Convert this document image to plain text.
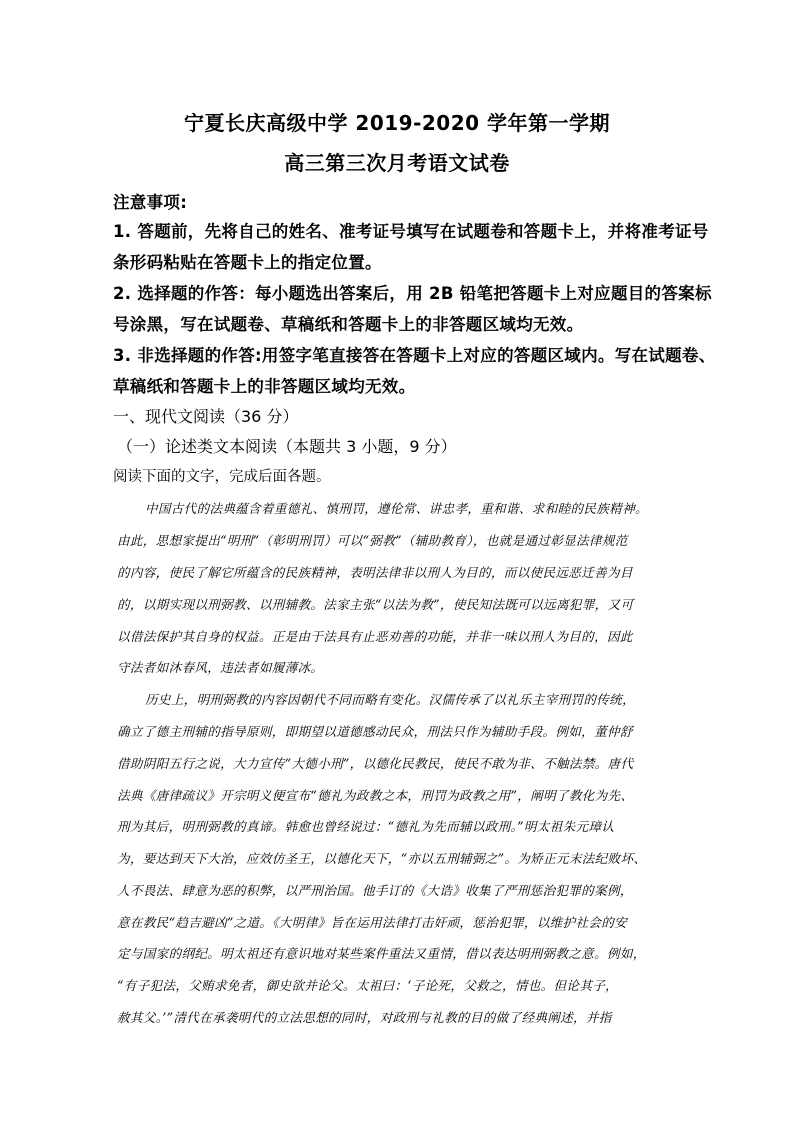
宁夏长庆高级中学 2019-2020 学年第一学期
高三第三次月考语文试卷
注意事项:
1. 答题前，先将自己的姓名、准考证号填写在试题卷和答题卡上，并将准考证号
条形码粘贴在答题卡上的指定位置。
2. 选择题的作答：每小题选出答案后，用 2B 铅笔把答题卡上对应题目的答案标
号涂黑，写在试题卷、草稿纸和答题卡上的非答题区域均无效。
3. 非选择题的作答:用签字笔直接答在答题卡上对应的答题区域内。写在试题卷、
草稿纸和答题卡上的非答题区域均无效。
一、现代文阅读（36 分）
（一）论述类文本阅读（本题共 3 小题，9 分）
阅读下面的文字，完成后面各题。
中国古代的法典蕴含着重德礼、慎刑罚，遵伦常、讲忠孝，重和谐、求和睦的民族精神。
由此，思想家提出“明刑”（彰明刑罚）可以“弼教”（辅助教育），也就是通过彰显法律规范
的内容，使民了解它所蕴含的民族精神，表明法律非以刑人为目的，而以使民远恶迁善为目
的，以期实现以刑弼教、以刑辅教。法家主张“以法为教”，使民知法既可以远离犯罪，又可
以借法保护其自身的权益。正是由于法具有止恶劝善的功能，并非一味以刑人为目的，因此
守法者如沐春风，违法者如履薄冰。
历史上，明刑弼教的内容因朝代不同而略有变化。汉儒传承了以礼乐主宰刑罚的传统，
确立了德主刑辅的指导原则，即期望以道德感动民众，刑法只作为辅助手段。例如，董仲舒
借助阴阳五行之说，大力宣传“大德小刑”，以德化民教民，使民不敢为非、不触法禁。唐代
法典《唐律疏议》开宗明义便宣布“德礼为政教之本，刑罚为政教之用”，阐明了教化为先、
刑为其后，明刑弼教的真谛。韩愈也曾经说过：“德礼为先而辅以政刑。”明太祖朱元璋认
为，要达到天下大治，应效仿圣王，以德化天下，“亦以五刑辅弼之”。为矫正元末法纪败坏、
人不畏法、肆意为恶的积弊，以严刑治国。他手订的《大诰》收集了严刑惩治犯罪的案例，
意在教民“趋吉避凶”之道。《大明律》旨在运用法律打击奸顽，惩治犯罪，以维护社会的安
定与国家的纲纪。明太祖还有意识地对某些案件重法又重情，借以表达明刑弼教之意。例如，
“有子犯法，父贿求免者，御史欲并论父。太祖曰：‘子论死，父救之，情也。但论其子，
赦其父。’”清代在承袭明代的立法思想的同时，对政刑与礼教的目的做了经典阐述，并指
